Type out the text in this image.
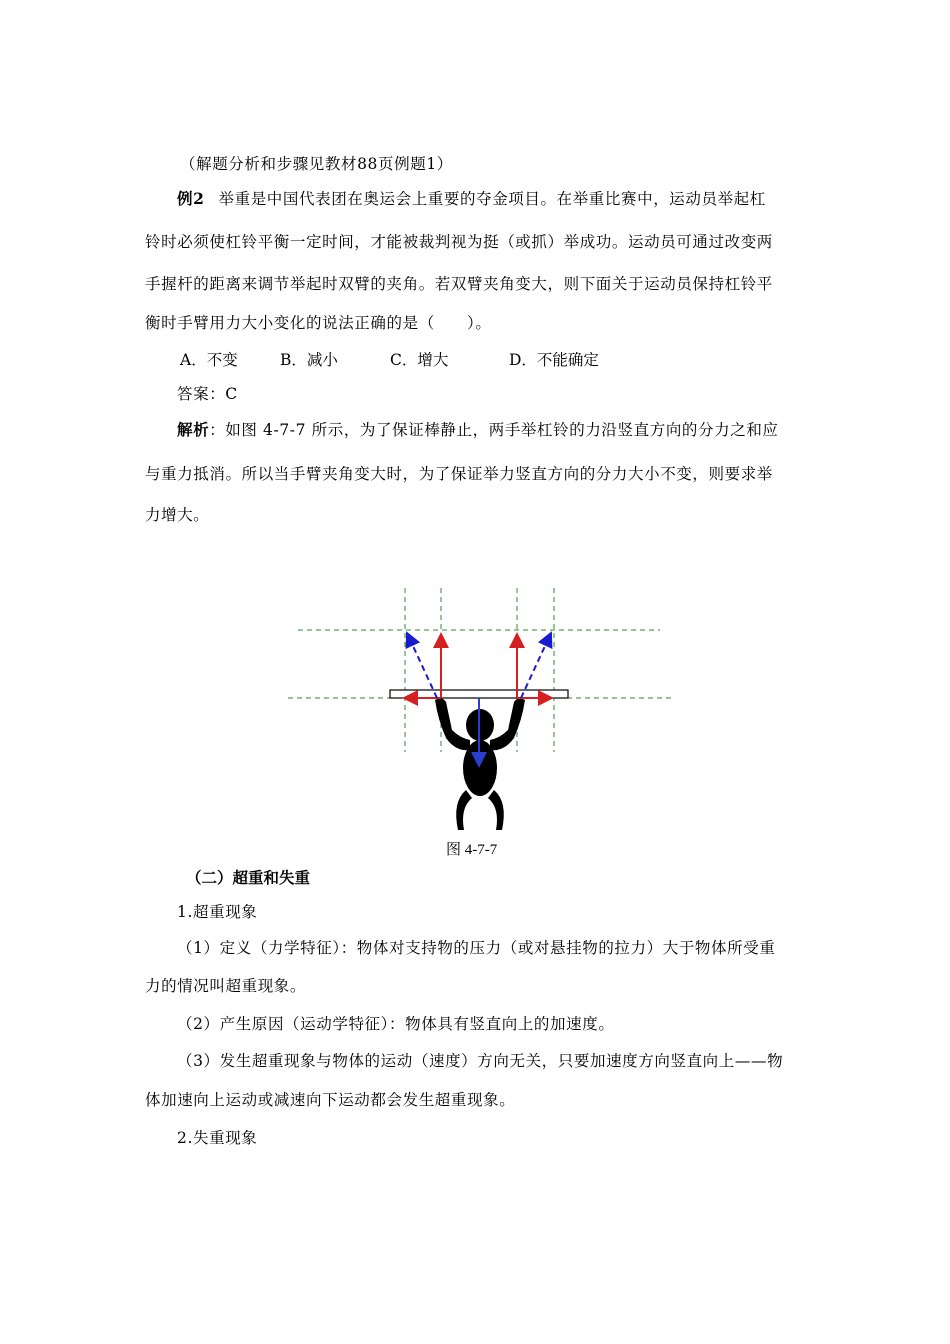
（解题分析和步骤见教材88页例题1）
例2 举重是中国代表团在奥运会上重要的夺金项目。在举重比赛中，运动员举起杠
铃时必须使杠铃平衡一定时间，才能被裁判视为挺（或抓）举成功。运动员可通过改变两
手握杆的距离来调节举起时双臂的夹角。若双臂夹角变大，则下面关于运动员保持杠铃平
衡时手臂用力大小变化的说法正确的是（　　）。
A．不变	B．减小	C．增大	D．不能确定
答案：C
解析：如图 4-7-7 所示，为了保证棒静止，两手举杠铃的力沿竖直方向的分力之和应
与重力抵消。所以当手臂夹角变大时，为了保证举力竖直方向的分力大小不变，则要求举
力增大。
图 4-7-7
（二）超重和失重
1.超重现象
（1）定义（力学特征）：物体对支持物的压力（或对悬挂物的拉力）大于物体所受重
力的情况叫超重现象。
（2）产生原因（运动学特征）：物体具有竖直向上的加速度。
（3）发生超重现象与物体的运动（速度）方向无关，只要加速度方向竖直向上——物
体加速向上运动或减速向下运动都会发生超重现象。
2.失重现象
